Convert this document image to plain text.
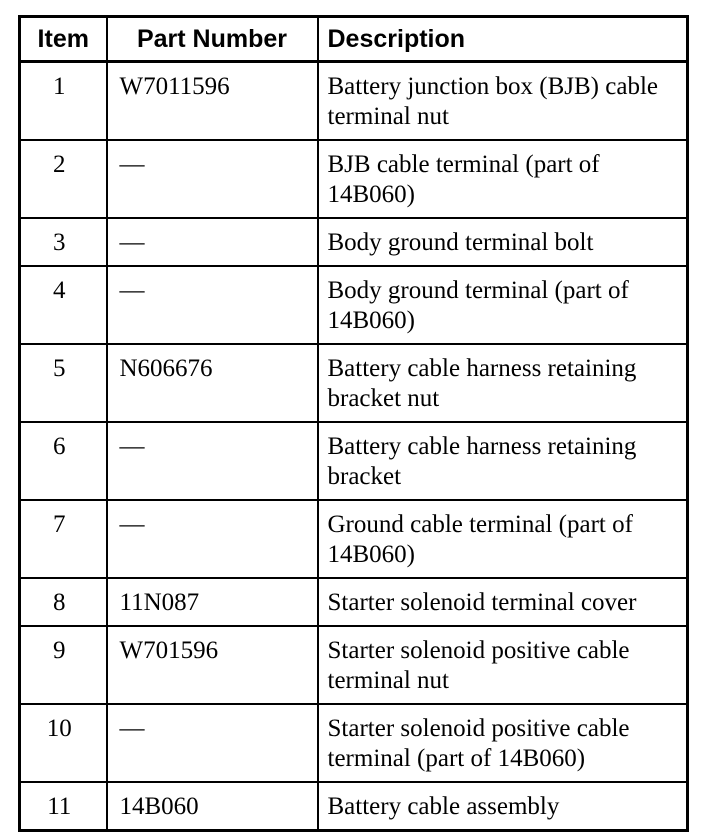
Item	Part Number	Description
1	W7011596	Battery junction box (BJB) cable terminal nut
2	—	BJB cable terminal (part of 14B060)
3	—	Body ground terminal bolt
4	—	Body ground terminal (part of 14B060)
5	N606676	Battery cable harness retaining bracket nut
6	—	Battery cable harness retaining bracket
7	—	Ground cable terminal (part of 14B060)
8	11N087	Starter solenoid terminal cover
9	W701596	Starter solenoid positive cable terminal nut
10	—	Starter solenoid positive cable terminal (part of 14B060)
11	14B060	Battery cable assembly
